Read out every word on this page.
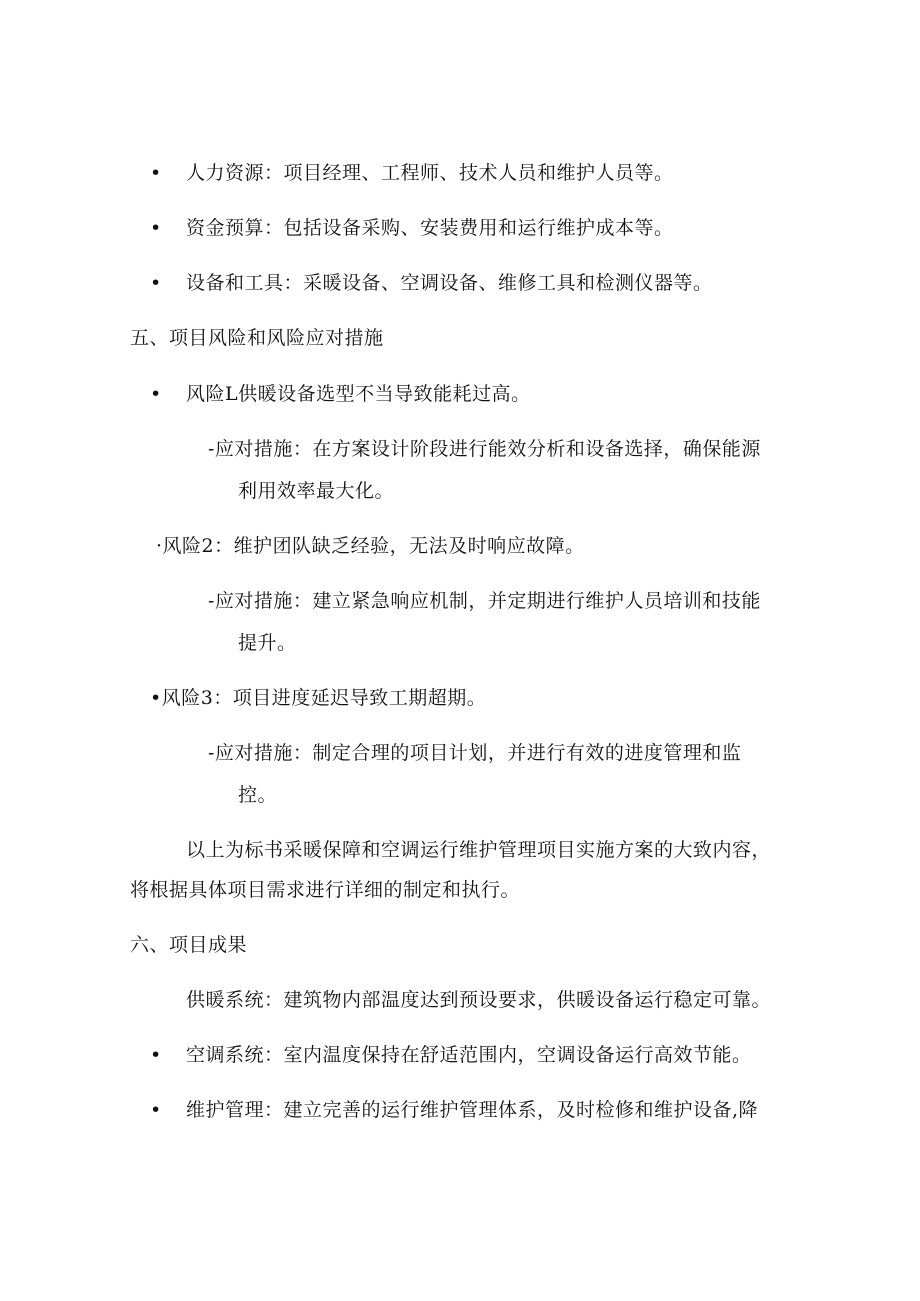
• 人力资源：项目经理、工程师、技术人员和维护人员等。
• 资金预算：包括设备采购、安装费用和运行维护成本等。
• 设备和工具：采暖设备、空调设备、维修工具和检测仪器等。
五、项目风险和风险应对措施
• 风险L供暖设备选型不当导致能耗过高。
-应对措施：在方案设计阶段进行能效分析和设备选择，确保能源
利用效率最大化。
·风险2：维护团队缺乏经验，无法及时响应故障。
-应对措施：建立紧急响应机制，并定期进行维护人员培训和技能
提升。
•风险3：项目进度延迟导致工期超期。
-应对措施：制定合理的项目计划，并进行有效的进度管理和监
控。
以上为标书采暖保障和空调运行维护管理项目实施方案的大致内容，
将根据具体项目需求进行详细的制定和执行。
六、项目成果
供暖系统：建筑物内部温度达到预设要求，供暖设备运行稳定可靠。
• 空调系统：室内温度保持在舒适范围内，空调设备运行高效节能。
• 维护管理：建立完善的运行维护管理体系，及时检修和维护设备,降
